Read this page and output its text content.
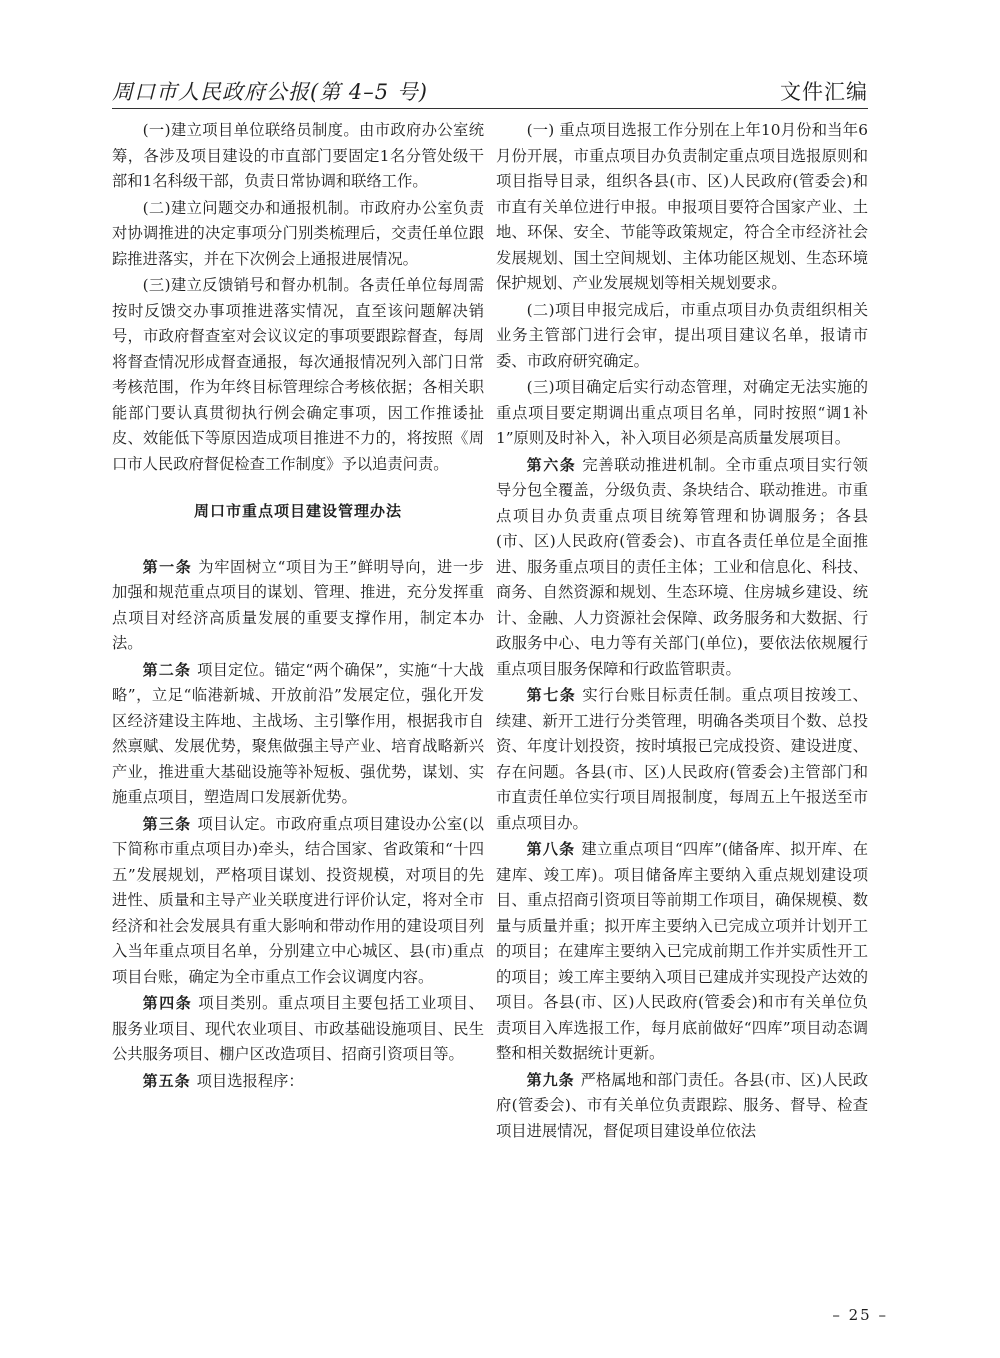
周口市人民政府公报(第 4–5 号)	文件汇编

(一)建立项目单位联络员制度。由市政府办公室统筹，各涉及项目建设的市直部门要固定1名分管处级干部和1名科级干部，负责日常协调和联络工作。

(二)建立问题交办和通报机制。市政府办公室负责对协调推进的决定事项分门别类梳理后，交责任单位跟踪推进落实，并在下次例会上通报进展情况。

(三)建立反馈销号和督办机制。各责任单位每周需按时反馈交办事项推进落实情况，直至该问题解决销号，市政府督查室对会议议定的事项要跟踪督查，每周将督查情况形成督查通报，每次通报情况列入部门日常考核范围，作为年终目标管理综合考核依据；各相关职能部门要认真贯彻执行例会确定事项，因工作推诿扯皮、效能低下等原因造成项目推进不力的，将按照《周口市人民政府督促检查工作制度》予以追责问责。

周口市重点项目建设管理办法

第一条 为牢固树立“项目为王”鲜明导向，进一步加强和规范重点项目的谋划、管理、推进，充分发挥重点项目对经济高质量发展的重要支撑作用，制定本办法。

第二条 项目定位。锚定“两个确保”，实施“十大战略”，立足“临港新城、开放前沿”发展定位，强化开发区经济建设主阵地、主战场、主引擎作用，根据我市自然禀赋、发展优势，聚焦做强主导产业、培育战略新兴产业，推进重大基础设施等补短板、强优势，谋划、实施重点项目，塑造周口发展新优势。

第三条 项目认定。市政府重点项目建设办公室(以下简称市重点项目办)牵头，结合国家、省政策和“十四五”发展规划，严格项目谋划、投资规模，对项目的先进性、质量和主导产业关联度进行评价认定，将对全市经济和社会发展具有重大影响和带动作用的建设项目列入当年重点项目名单，分别建立中心城区、县(市)重点项目台账，确定为全市重点工作会议调度内容。

第四条 项目类别。重点项目主要包括工业项目、服务业项目、现代农业项目、市政基础设施项目、民生公共服务项目、棚户区改造项目、招商引资项目等。

第五条 项目选报程序：

(一) 重点项目选报工作分别在上年10月份和当年6月份开展，市重点项目办负责制定重点项目选报原则和项目指导目录，组织各县(市、区)人民政府(管委会)和市直有关单位进行申报。申报项目要符合国家产业、土地、环保、安全、节能等政策规定，符合全市经济社会发展规划、国土空间规划、主体功能区规划、生态环境保护规划、产业发展规划等相关规划要求。

(二)项目申报完成后，市重点项目办负责组织相关业务主管部门进行会审，提出项目建议名单，报请市委、市政府研究确定。

(三)项目确定后实行动态管理，对确定无法实施的重点项目要定期调出重点项目名单，同时按照“调1补1”原则及时补入，补入项目必须是高质量发展项目。

第六条 完善联动推进机制。全市重点项目实行领导分包全覆盖，分级负责、条块结合、联动推进。市重点项目办负责重点项目统筹管理和协调服务；各县(市、区)人民政府(管委会)、市直各责任单位是全面推进、服务重点项目的责任主体；工业和信息化、科技、商务、自然资源和规划、生态环境、住房城乡建设、统计、金融、人力资源社会保障、政务服务和大数据、行政服务中心、电力等有关部门(单位)，要依法依规履行重点项目服务保障和行政监管职责。

第七条 实行台账目标责任制。重点项目按竣工、续建、新开工进行分类管理，明确各类项目个数、总投资、年度计划投资，按时填报已完成投资、建设进度、存在问题。各县(市、区)人民政府(管委会)主管部门和市直责任单位实行项目周报制度，每周五上午报送至市重点项目办。

第八条 建立重点项目“四库”(储备库、拟开库、在建库、竣工库)。项目储备库主要纳入重点规划建设项目、重点招商引资项目等前期工作项目，确保规模、数量与质量并重；拟开库主要纳入已完成立项并计划开工的项目；在建库主要纳入已完成前期工作并实质性开工的项目；竣工库主要纳入项目已建成并实现投产达效的项目。各县(市、区)人民政府(管委会)和市有关单位负责项目入库选报工作，每月底前做好“四库”项目动态调整和相关数据统计更新。

第九条 严格属地和部门责任。各县(市、区)人民政府(管委会)、市有关单位负责跟踪、服务、督导、检查项目进展情况，督促项目建设单位依法

– 25 –
